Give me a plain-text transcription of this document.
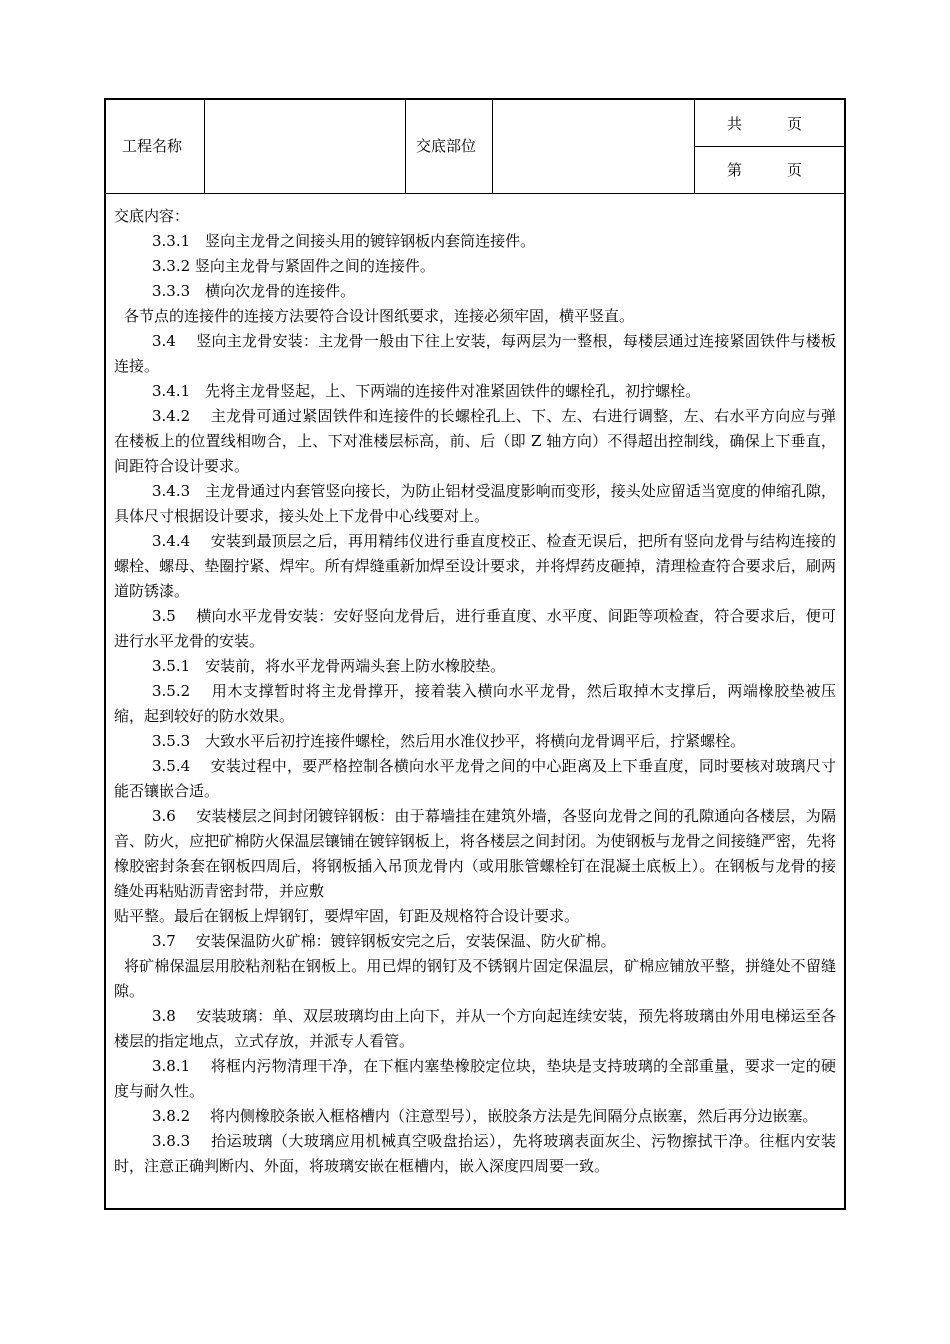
工程名称	交底部位
共　　　页
第　　　页

交底内容：

3.3.1　竖向主龙骨之间接头用的镀锌钢板内套筒连接件。

3.3.2 竖向主龙骨与紧固件之间的连接件。

3.3.3　横向次龙骨的连接件。

各节点的连接件的连接方法要符合设计图纸要求，连接必须牢固，横平竖直。

3.4　 竖向主龙骨安装：主龙骨一般由下往上安装，每两层为一整根，每楼层通过连接紧固铁件与楼板连接。

3.4.1　先将主龙骨竖起，上、下两端的连接件对准紧固铁件的螺栓孔，初拧螺栓。

3.4.2　 主龙骨可通过紧固铁件和连接件的长螺栓孔上、下、左、右进行调整，左、右水平方向应与弹在楼板上的位置线相吻合，上、下对准楼层标高，前、后（即 Z 轴方向）不得超出控制线，确保上下垂直，间距符合设计要求。

3.4.3　主龙骨通过内套管竖向接长，为防止铝材受温度影响而变形，接头处应留适当宽度的伸缩孔隙，具体尺寸根据设计要求，接头处上下龙骨中心线要对上。

3.4.4　 安装到最顶层之后，再用精纬仪进行垂直度校正、检查无误后，把所有竖向龙骨与结构连接的螺栓、螺母、垫圈拧紧、焊牢。所有焊缝重新加焊至设计要求，并将焊药皮砸掉，清理检查符合要求后，刷两道防锈漆。

3.5　 横向水平龙骨安装：安好竖向龙骨后，进行垂直度、水平度、间距等项检查，符合要求后，便可进行水平龙骨的安装。

3.5.1　安装前，将水平龙骨两端头套上防水橡胶垫。

3.5.2　 用木支撑暂时将主龙骨撑开，接着装入横向水平龙骨，然后取掉木支撑后，两端橡胶垫被压缩，起到较好的防水效果。

3.5.3　大致水平后初拧连接件螺栓，然后用水准仪抄平，将横向龙骨调平后，拧紧螺栓。

3.5.4　 安装过程中，要严格控制各横向水平龙骨之间的中心距离及上下垂直度，同时要核对玻璃尺寸能否镶嵌合适。

3.6　 安装楼层之间封闭镀锌钢板：由于幕墙挂在建筑外墙，各竖向龙骨之间的孔隙通向各楼层，为隔音、防火，应把矿棉防火保温层镶铺在镀锌钢板上，将各楼层之间封闭。为使钢板与龙骨之间接缝严密，先将橡胶密封条套在钢板四周后，将钢板插入吊顶龙骨内（或用胀管螺栓钉在混凝土底板上）。在钢板与龙骨的接缝处再粘贴沥青密封带，并应敷

贴平整。最后在钢板上焊钢钉，要焊牢固，钉距及规格符合设计要求。

3.7　 安装保温防火矿棉：镀锌钢板安完之后，安装保温、防火矿棉。

将矿棉保温层用胶粘剂粘在钢板上。用已焊的钢钉及不锈钢片固定保温层，矿棉应铺放平整，拼缝处不留缝隙。

3.8　 安装玻璃：单、双层玻璃均由上向下，并从一个方向起连续安装，预先将玻璃由外用电梯运至各楼层的指定地点，立式存放，并派专人看管。

3.8.1　 将框内污物清理干净，在下框内塞垫橡胶定位块，垫块是支持玻璃的全部重量，要求一定的硬度与耐久性。

3.8.2　 将内侧橡胶条嵌入框格槽内（注意型号），嵌胶条方法是先间隔分点嵌塞，然后再分边嵌塞。

3.8.3　 抬运玻璃（大玻璃应用机械真空吸盘抬运），先将玻璃表面灰尘、污物擦拭干净。往框内安装时，注意正确判断内、外面，将玻璃安嵌在框槽内，嵌入深度四周要一致。
